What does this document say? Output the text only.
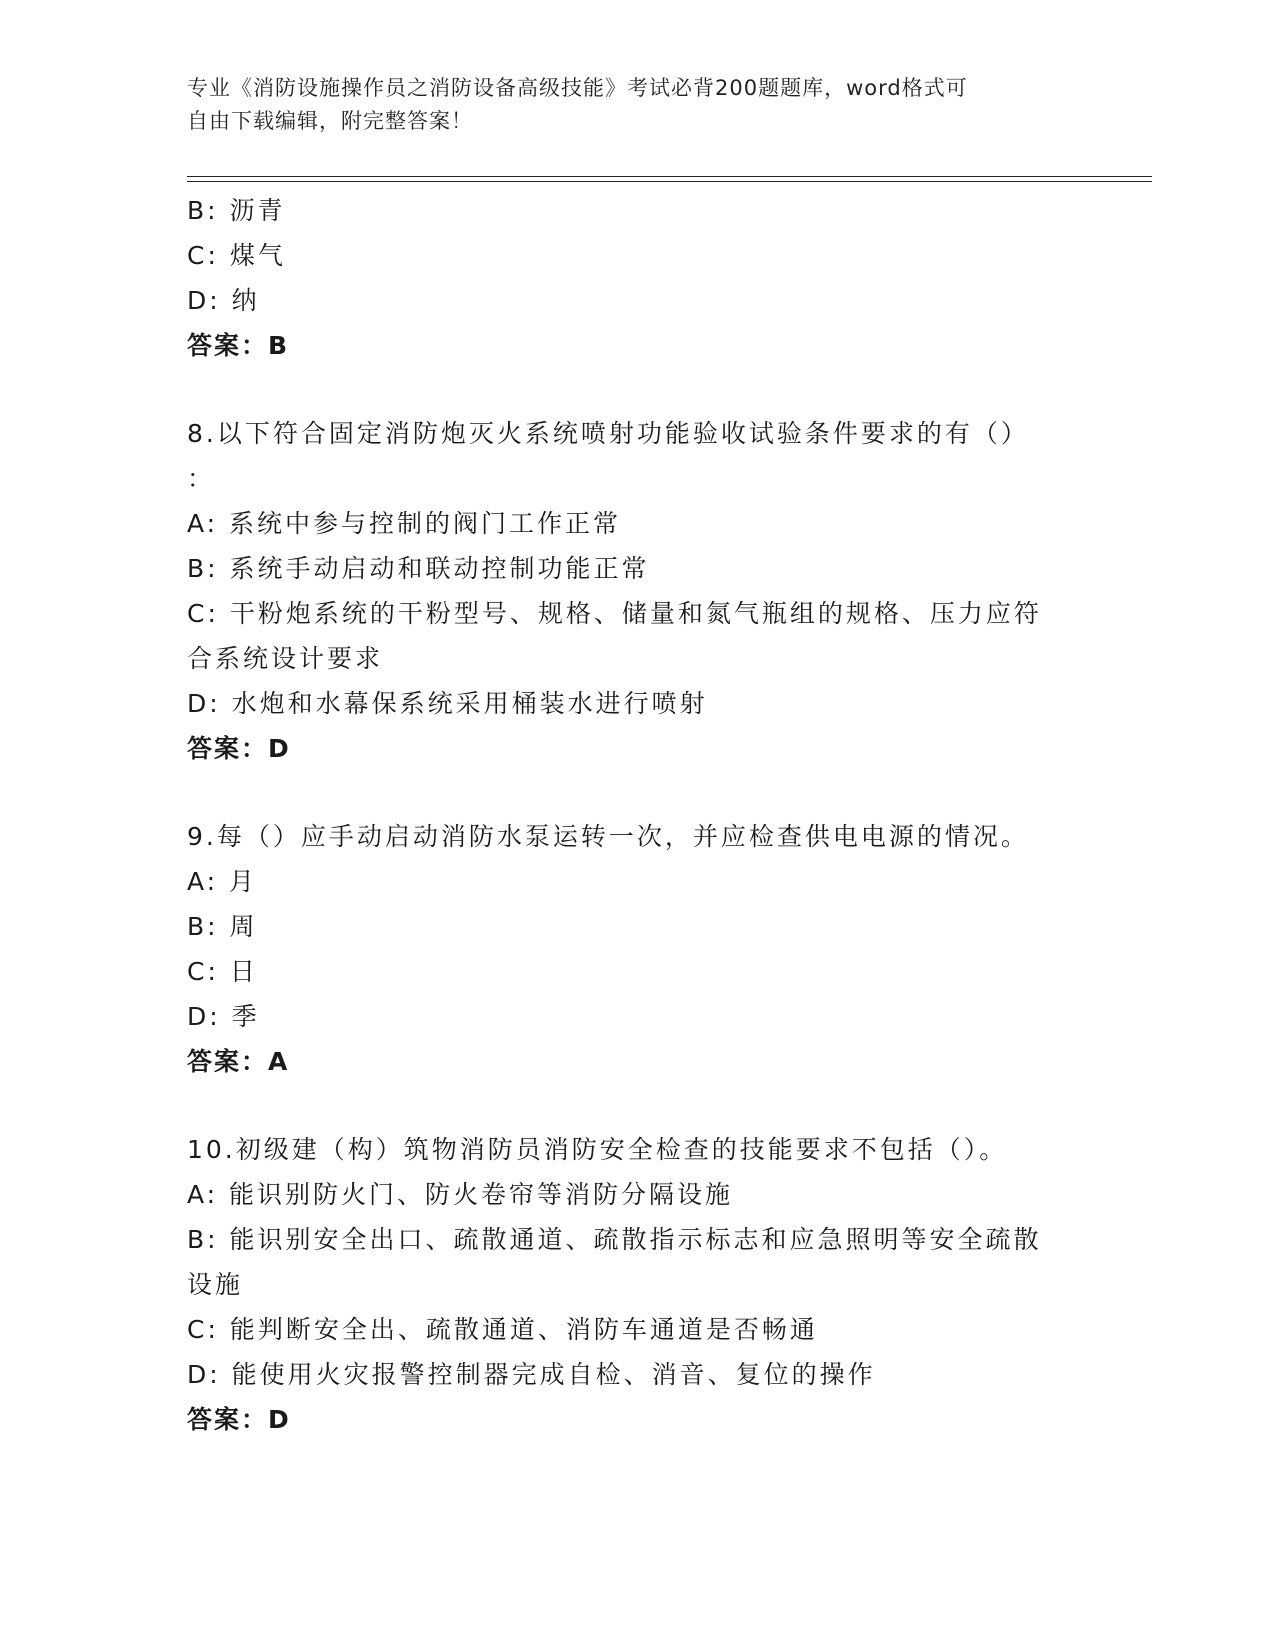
专业《消防设施操作员之消防设备高级技能》考试必背200题题库，word格式可
自由下载编辑，附完整答案！
B: 沥青
C: 煤气
D: 纳
答案：B
8.以下符合固定消防炮灭火系统喷射功能验收试验条件要求的有（）
：
A: 系统中参与控制的阀门工作正常
B: 系统手动启动和联动控制功能正常
C: 干粉炮系统的干粉型号、规格、储量和氮气瓶组的规格、压力应符
合系统设计要求
D: 水炮和水幕保系统采用桶装水进行喷射
答案：D
9.每（）应手动启动消防水泵运转一次，并应检查供电电源的情况。
A: 月
B: 周
C: 日
D: 季
答案：A
10.初级建（构）筑物消防员消防安全检查的技能要求不包括（）。
A: 能识别防火门、防火卷帘等消防分隔设施
B: 能识别安全出口、疏散通道、疏散指示标志和应急照明等安全疏散
设施
C: 能判断安全出、疏散通道、消防车通道是否畅通
D: 能使用火灾报警控制器完成自检、消音、复位的操作
答案：D
